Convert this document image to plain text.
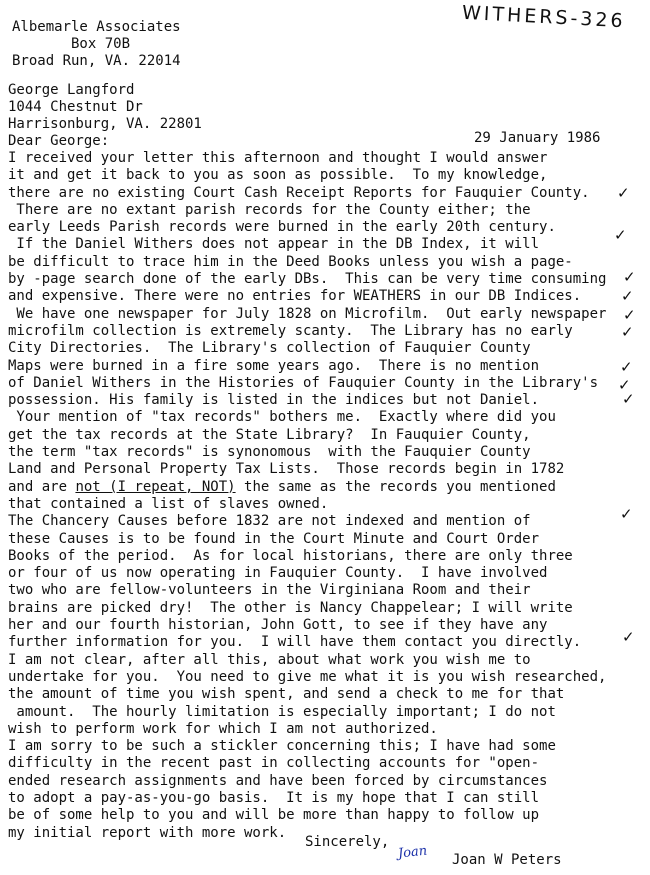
WITHERS-326
Albemarle Associates
Box 70B
Broad Run, VA. 22014
George Langford
1044 Chestnut Dr
Harrisonburg, VA. 22801
Dear George:	29 January 1986
I received your letter this afternoon and thought I would answer
it and get it back to you as soon as possible.  To my knowledge,
there are no existing Court Cash Receipt Reports for Fauquier County.
There are no extant parish records for the County either; the
early Leeds Parish records were burned in the early 20th century.
If the Daniel Withers does not appear in the DB Index, it will
be difficult to trace him in the Deed Books unless you wish a page-
by -page search done of the early DBs.  This can be very time consuming
and expensive. There were no entries for WEATHERS in our DB Indices.
We have one newspaper for July 1828 on Microfilm.  Out early newspaper
microfilm collection is extremely scanty.  The Library has no early
City Directories.  The Library's collection of Fauquier County
Maps were burned in a fire some years ago.  There is no mention
of Daniel Withers in the Histories of Fauquier County in the Library's
possession. His family is listed in the indices but not Daniel.
Your mention of "tax records" bothers me.  Exactly where did you
get the tax records at the State Library?  In Fauquier County,
the term "tax records" is synonomous  with the Fauquier County
Land and Personal Property Tax Lists.  Those records begin in 1782
and are not (I repeat, NOT) the same as the records you mentioned
that contained a list of slaves owned.
The Chancery Causes before 1832 are not indexed and mention of
these Causes is to be found in the Court Minute and Court Order
Books of the period.  As for local historians, there are only three
or four of us now operating in Fauquier County.  I have involved
two who are fellow-volunteers in the Virginiana Room and their
brains are picked dry!  The other is Nancy Chappelear; I will write
her and our fourth historian, John Gott, to see if they have any
further information for you.  I will have them contact you directly.
I am not clear, after all this, about what work you wish me to
undertake for you.  You need to give me what it is you wish researched,
the amount of time you wish spent, and send a check to me for that
amount.  The hourly limitation is especially important; I do not
wish to perform work for which I am not authorized.
I am sorry to be such a stickler concerning this; I have had some
difficulty in the recent past in collecting accounts for "open-
ended research assignments and have been forced by circumstances
to adopt a pay-as-you-go basis.  It is my hope that I can still
be of some help to you and will be more than happy to follow up
my initial report with more work.
Sincerely,
Joan Joan W Peters
✓
✓
✓
✓
✓
✓
✓
✓
✓
✓
✓
